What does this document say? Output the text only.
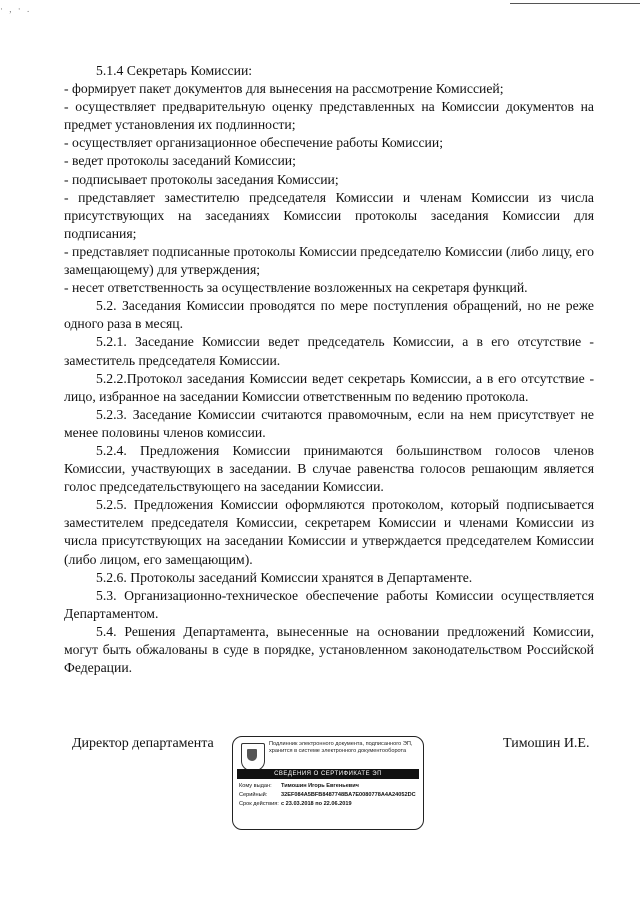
· , · .

5.1.4 Секретарь Комиссии:

- формирует пакет документов для вынесения на рассмотрение Комиссией;

- осуществляет предварительную оценку представленных на Комиссии документов на предмет установления их подлинности;

- осуществляет организационное обеспечение работы Комиссии;

- ведет протоколы заседаний Комиссии;

- подписывает протоколы заседания Комиссии;

- представляет заместителю председателя Комиссии и членам Комиссии из числа присутствующих на заседаниях Комиссии протоколы заседания Комиссии для подписания;

- представляет подписанные протоколы Комиссии председателю Комиссии (либо лицу, его замещающему) для утверждения;

- несет ответственность за осуществление возложенных на секретаря функций.

5.2. Заседания Комиссии проводятся по мере поступления обращений, но не реже одного раза в месяц.

5.2.1. Заседание Комиссии ведет председатель Комиссии, а в его отсутствие - заместитель председателя Комиссии.

5.2.2.Протокол заседания Комиссии ведет секретарь Комиссии, а в его отсутствие - лицо, избранное на заседании Комиссии ответственным по ведению протокола.

5.2.3. Заседание Комиссии считаются правомочным, если на нем присутствует не менее половины членов комиссии.

5.2.4. Предложения Комиссии принимаются большинством голосов членов Комиссии, участвующих в заседании. В случае равенства голосов решающим является голос председательствующего на заседании Комиссии.

5.2.5. Предложения Комиссии оформляются протоколом, который подписывается заместителем председателя Комиссии, секретарем Комиссии и членами Комиссии из числа присутствующих на заседании Комиссии и утверждается председателем Комиссии (либо лицом, его замещающим).

5.2.6. Протоколы заседаний Комиссии хранятся в Департаменте.

5.3. Организационно-техническое обеспечение работы Комиссии осуществляется Департаментом.

5.4. Решения Департамента, вынесенные на основании предложений Комиссии, могут быть обжалованы в суде в порядке, установленном законодательством Российской Федерации.

Директор департамента	Подлинник электронного документа, подписанного ЭП, хранится в системе электронного документооборота
СВЕДЕНИЯ О СЕРТИФИКАТЕ ЭП
Кому выдан: Тимошин Игорь Евгеньевич
Серийный: 32EF084A5BFB8487748BA7E0080778A4A24052DC
Срок действия: с 23.03.2018 по 22.06.2019
Тимошин И.Е.
